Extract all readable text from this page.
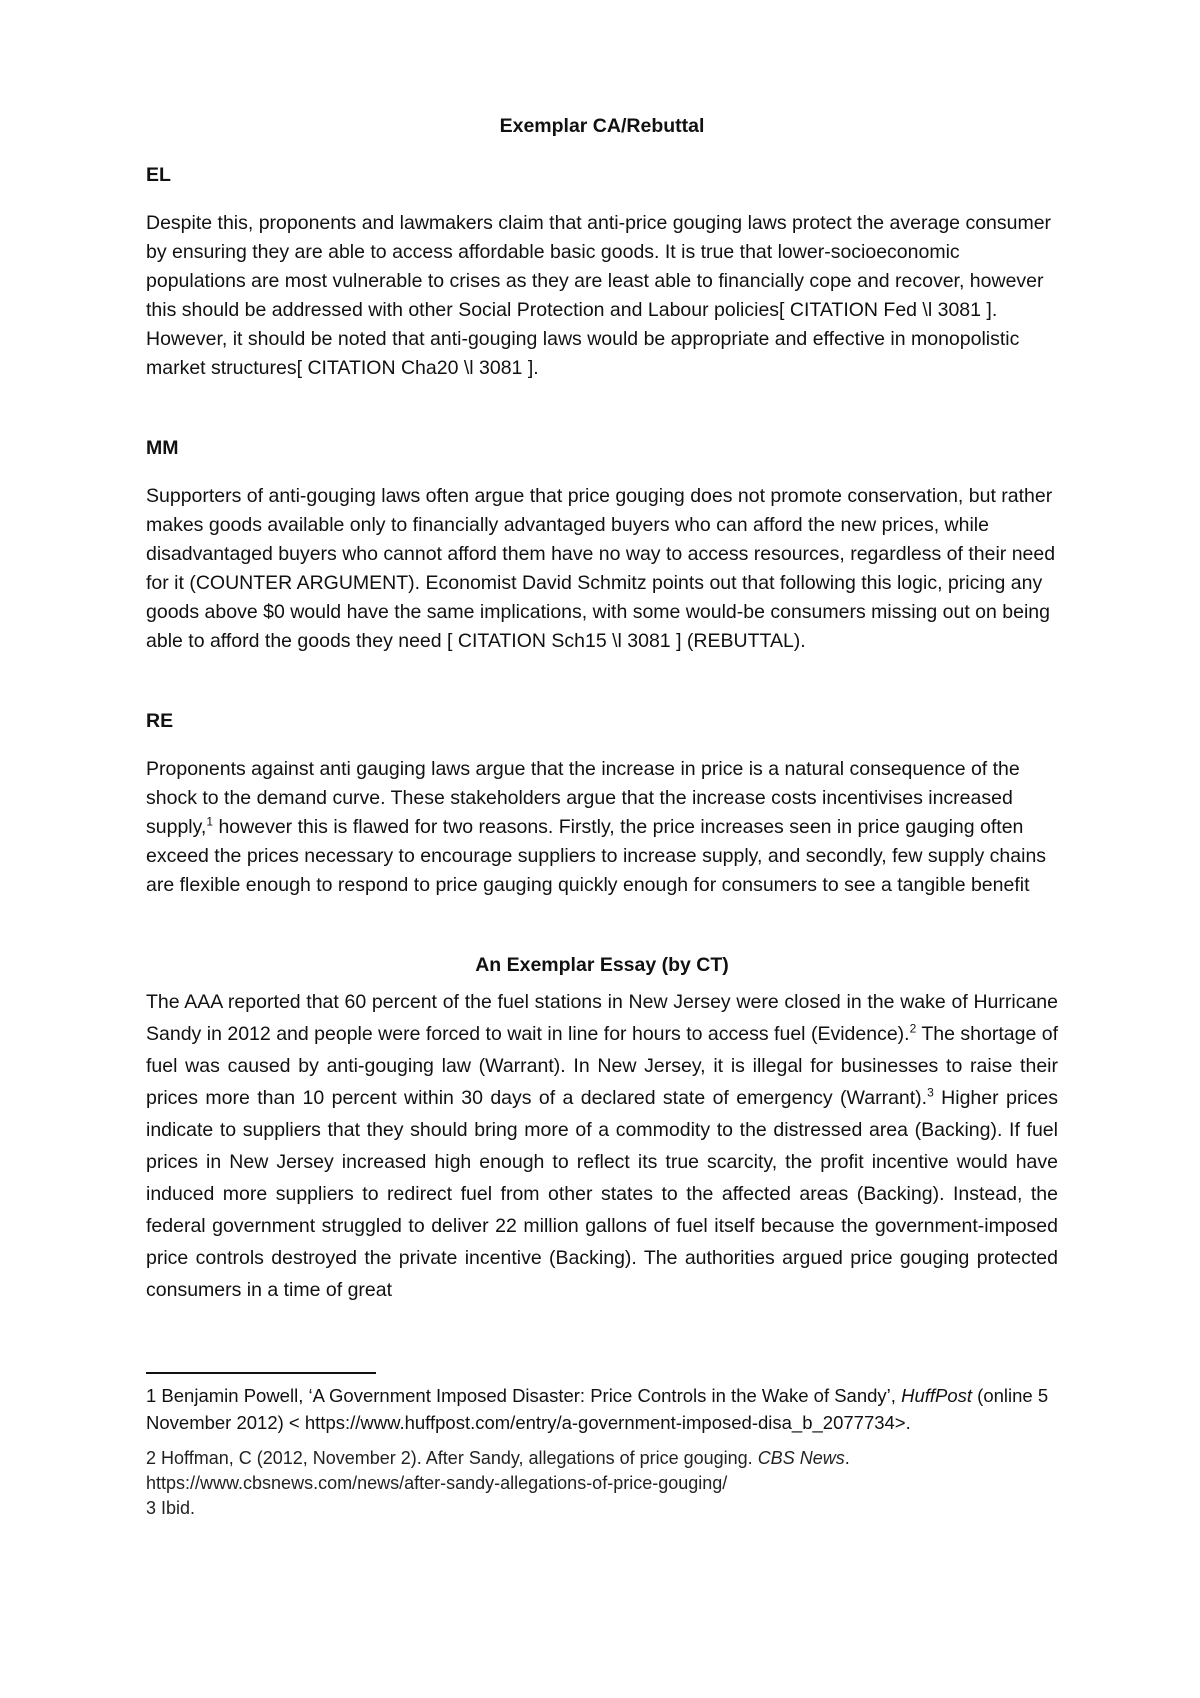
Exemplar CA/Rebuttal

EL

Despite this, proponents and lawmakers claim that anti-price gouging laws protect the average consumer by ensuring they are able to access affordable basic goods. It is true that lower-socioeconomic populations are most vulnerable to crises as they are least able to financially cope and recover, however this should be addressed with other Social Protection and Labour policies[ CITATION Fed \l 3081 ]. However, it should be noted that anti-gouging laws would be appropriate and effective in monopolistic market structures[ CITATION Cha20 \l 3081 ].

MM

Supporters of anti-gouging laws often argue that price gouging does not promote conservation, but rather makes goods available only to financially advantaged buyers who can afford the new prices, while disadvantaged buyers who cannot afford them have no way to access resources, regardless of their need for it (COUNTER ARGUMENT). Economist David Schmitz points out that following this logic, pricing any goods above $0 would have the same implications, with some would-be consumers missing out on being able to afford the goods they need [ CITATION Sch15 \l 3081 ] (REBUTTAL).

RE

Proponents against anti gauging laws argue that the increase in price is a natural consequence of the shock to the demand curve. These stakeholders argue that the increase costs incentivises increased supply,$^1$ however this is flawed for two reasons. Firstly, the price increases seen in price gauging often exceed the prices necessary to encourage suppliers to increase supply, and secondly, few supply chains are flexible enough to respond to price gauging quickly enough for consumers to see a tangible benefit

An Exemplar Essay (by CT)

The AAA reported that 60 percent of the fuel stations in New Jersey were closed in the wake of Hurricane Sandy in 2012 and people were forced to wait in line for hours to access fuel (Evidence).$^2$ The shortage of fuel was caused by anti-gouging law (Warrant). In New Jersey, it is illegal for businesses to raise their prices more than 10 percent within 30 days of a declared state of emergency (Warrant).$^3$ Higher prices indicate to suppliers that they should bring more of a commodity to the distressed area (Backing). If fuel prices in New Jersey increased high enough to reflect its true scarcity, the profit incentive would have induced more suppliers to redirect fuel from other states to the affected areas (Backing). Instead, the federal government struggled to deliver 22 million gallons of fuel itself because the government-imposed price controls destroyed the private incentive (Backing). The authorities argued price gouging protected consumers in a time of great

1 Benjamin Powell, ‘A Government Imposed Disaster: Price Controls in the Wake of Sandy’, HuffPost (online 5 November 2012) < https://www.huffpost.com/entry/a-government-imposed-disa_b_2077734>.

2 Hoffman, C (2012, November 2). After Sandy, allegations of price gouging. CBS News. https://www.cbsnews.com/news/after-sandy-allegations-of-price-gouging/

3 Ibid.
